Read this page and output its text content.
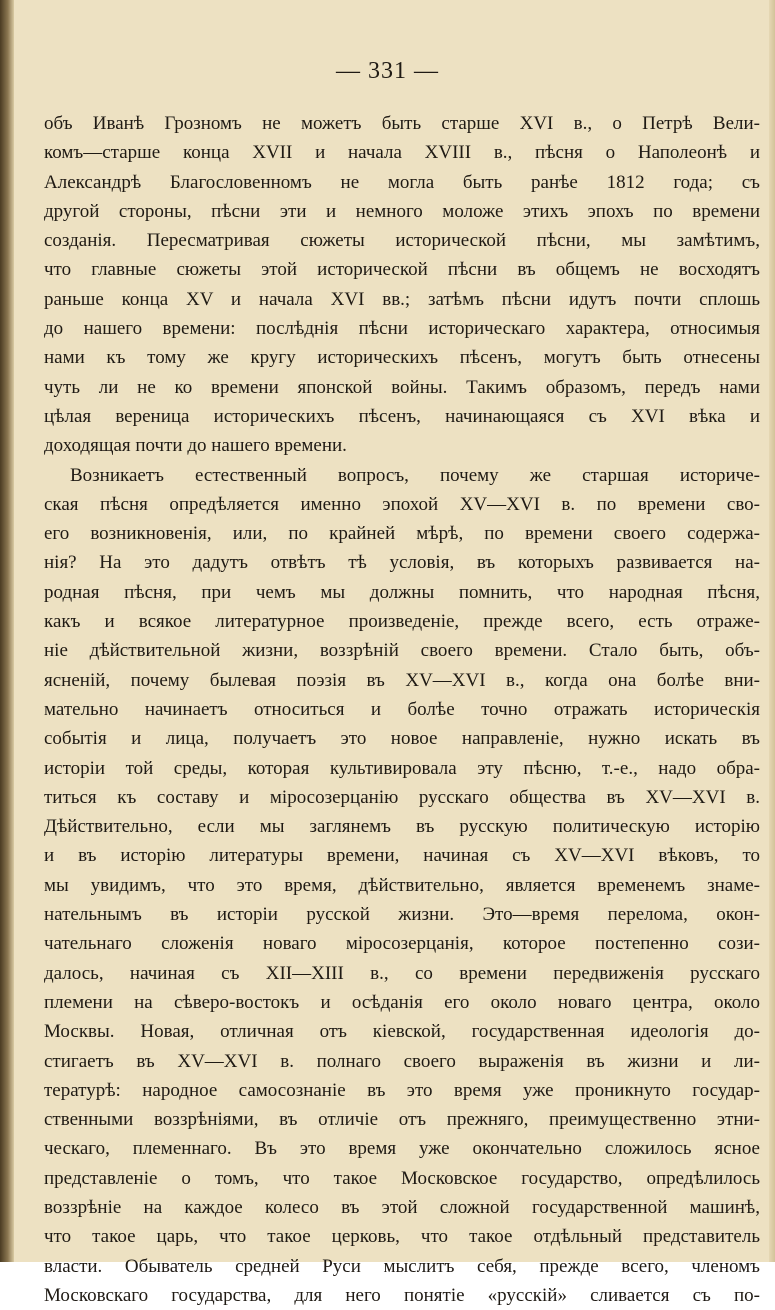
— 331 —
объ Иванѣ Грозномъ не можетъ быть старше XVI в., о Петрѣ Вели-
комъ—старше конца XVII и начала XVIII в., пѣсня о Наполеонѣ и
Александрѣ Благословенномъ не могла быть ранѣе 1812 года; съ
другой стороны, пѣсни эти и немного моложе этихъ эпохъ по времени
созданія. Пересматривая сюжеты исторической пѣсни, мы замѣтимъ,
что главные сюжеты этой исторической пѣсни въ общемъ не восходятъ
раньше конца XV и начала XVI вв.; затѣмъ пѣсни идутъ почти сплошь
до нашего времени: послѣднія пѣсни историческаго характера, относимыя
нами къ тому же кругу историческихъ пѣсенъ, могутъ быть отнесены
чуть ли не ко времени японской войны. Такимъ образомъ, передъ нами
цѣлая вереница историческихъ пѣсенъ, начинающаяся съ XVI вѣка и
доходящая почти до нашего времени.
Возникаетъ естественный вопросъ, почему же старшая историче-
ская пѣсня опредѣляется именно эпохой XV—XVI в. по времени сво-
его возникновенія, или, по крайней мѣрѣ, по времени своего содержа-
нія? На это дадутъ отвѣтъ тѣ условія, въ которыхъ развивается на-
родная пѣсня, при чемъ мы должны помнить, что народная пѣсня,
какъ и всякое литературное произведеніе, прежде всего, есть отраже-
ніе дѣйствительной жизни, воззрѣній своего времени. Стало быть, объ-
ясненій, почему былевая поэзія въ XV—XVI в., когда она болѣе вни-
мательно начинаетъ относиться и болѣе точно отражать историческія
событія и лица, получаетъ это новое направленіе, нужно искать въ
исторіи той среды, которая культивировала эту пѣсню, т.-е., надо обра-
титься къ составу и міросозерцанію русскаго общества въ XV—XVI в.
Дѣйствительно, если мы заглянемъ въ русскую политическую исторію
и въ исторію литературы времени, начиная съ XV—XVI вѣковъ, то
мы увидимъ, что это время, дѣйствительно, является временемъ знаме-
нательнымъ въ исторіи русской жизни. Это—время перелома, окон-
чательнаго сложенія новаго міросозерцанія, которое постепенно сози-
далось, начиная съ XII—XIII в., со времени передвиженія русскаго
племени на сѣверо-востокъ и осѣданія его около новаго центра, около
Москвы. Новая, отличная отъ кіевской, государственная идеологія до-
стигаетъ въ XV—XVI в. полнаго своего выраженія въ жизни и ли-
тературѣ: народное самосознаніе въ это время уже проникнуто государ-
ственными воззрѣніями, въ отличіе отъ прежняго, преимущественно этни-
ческаго, племеннаго. Въ это время уже окончательно сложилось ясное
представленіе о томъ, что такое Московское государство, опредѣлилось
воззрѣніе на каждое колесо въ этой сложной государственной машинѣ,
что такое царь, что такое церковь, что такое отдѣльный представитель
власти. Обыватель средней Руси мыслитъ себя, прежде всего, членомъ
Московскаго государства, для него понятіе «русскій» сливается съ по-
